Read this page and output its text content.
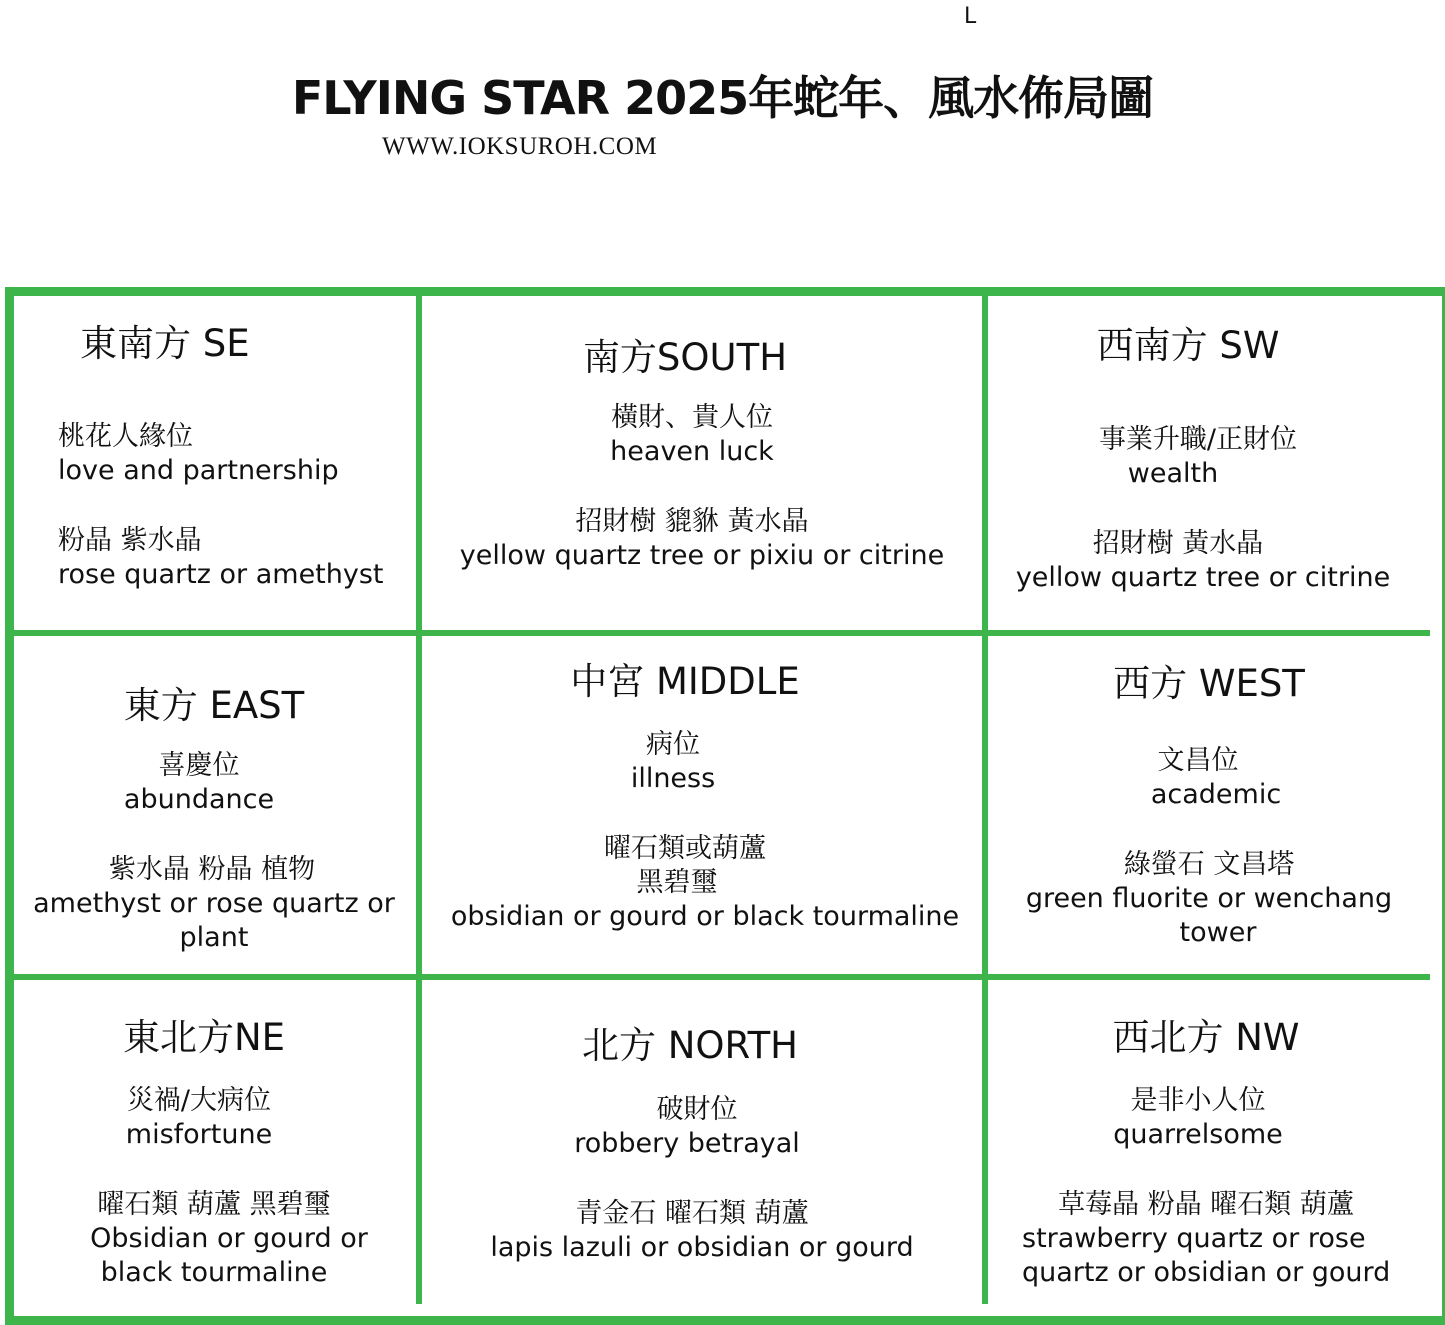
L
FLYING STAR 2025年蛇年、風水佈局圖
WWW.IOKSUROH.COM
東南方 SE
桃花人緣位
love and partnership
粉晶 紫水晶
rose quartz or amethyst
南方SOUTH
橫財、貴人位
heaven luck
招財樹 貔貅 黃水晶
yellow quartz tree or pixiu or citrine
西南方 SW
事業升職/正財位
wealth
招財樹 黃水晶
yellow quartz tree or citrine
東方 EAST
喜慶位
abundance
紫水晶 粉晶 植物
amethyst or rose quartz or
plant
中宮 MIDDLE
病位
illness
曜石類或葫蘆
黑碧璽
obsidian or gourd or black tourmaline
西方 WEST
文昌位
academic
綠螢石 文昌塔
green fluorite or wenchang
tower
東北方NE
災禍/大病位
misfortune
曜石類 葫蘆 黑碧璽
Obsidian or gourd or
black tourmaline
北方 NORTH
破財位
robbery betrayal
青金石 曜石類 葫蘆
lapis lazuli or obsidian or gourd
西北方 NW
是非小人位
quarrelsome
草莓晶 粉晶 曜石類 葫蘆
strawberry quartz or rose
quartz or obsidian or gourd
